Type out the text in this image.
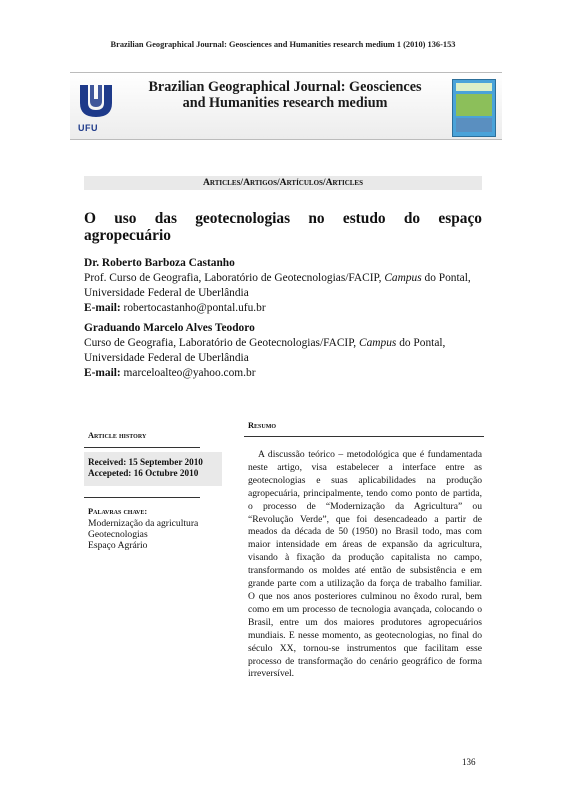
Brazilian Geographical Journal: Geosciences and Humanities research medium 1 (2010) 136-153
UFU
Brazilian Geographical Journal: Geosciences and Humanities research medium
Articles/Artigos/Artículos/Articles
O uso das geotecnologias no estudo do espaço agropecuário
Dr. Roberto Barboza Castanho
Prof. Curso de Geografia, Laboratório de Geotecnologias/FACIP, Campus do Pontal, Universidade Federal de Uberlândia
E-mail: robertocastanho@pontal.ufu.br
Graduando Marcelo Alves Teodoro
Curso de Geografia, Laboratório de Geotecnologias/FACIP, Campus do Pontal, Universidade Federal de Uberlândia
E-mail: marceloalteo@yahoo.com.br
Article history
Received: 15 September 2010
Accepeted: 16 Octubre 2010
Palavras chave:
Modernização da agricultura
Geotecnologias
Espaço Agrário
Resumo
A discussão teórico – metodológica que é fundamentada neste artigo, visa estabelecer a interface entre as geotecnologias e suas aplicabilidades na produção agropecuária, principalmente, tendo como ponto de partida, o processo de “Modernização da Agricultura” ou “Revolução Verde”, que foi desencadeado a partir de meados da década de 50 (1950) no Brasil todo, mas com maior intensidade em áreas de expansão da agricultura, visando à fixação da produção capitalista no campo, transformando os moldes até então de subsistência e em grande parte com a utilização da força de trabalho familiar. O que nos anos posteriores culminou no êxodo rural, bem como em um processo de tecnologia avançada, colocando o Brasil, entre um dos maiores produtores agropecuários mundiais. E nesse momento, as geotecnologias, no final do século XX, tornou-se instrumentos que facilitam esse processo de transformação do cenário geográfico de forma irreversível.
136
